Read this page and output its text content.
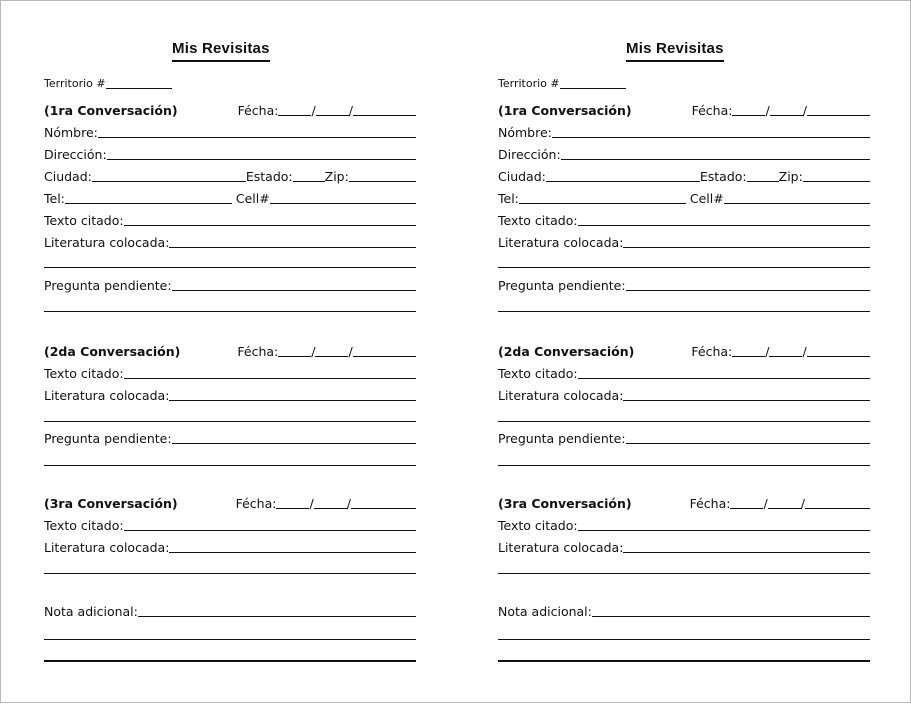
Mis Revisitas
Territorio #
(1ra Conversación)	Fécha:	/	/
Nómbre:
Dirección:
Ciudad:	Estado:	Zip:
Tel:	Cell#
Texto citado:
Literatura colocada:
Pregunta pendiente:
(2da Conversación)	Fécha:	/	/
Texto citado:
Literatura colocada:
Pregunta pendiente:
(3ra Conversación)	Fécha:	/	/
Texto citado:
Literatura colocada:
Nota adicional:
Mis Revisitas
Territorio #
(1ra Conversación)	Fécha:	/	/
Nómbre:
Dirección:
Ciudad:	Estado:	Zip:
Tel:	Cell#
Texto citado:
Literatura colocada:
Pregunta pendiente:
(2da Conversación)	Fécha:	/	/
Texto citado:
Literatura colocada:
Pregunta pendiente:
(3ra Conversación)	Fécha:	/	/
Texto citado:
Literatura colocada:
Nota adicional:
